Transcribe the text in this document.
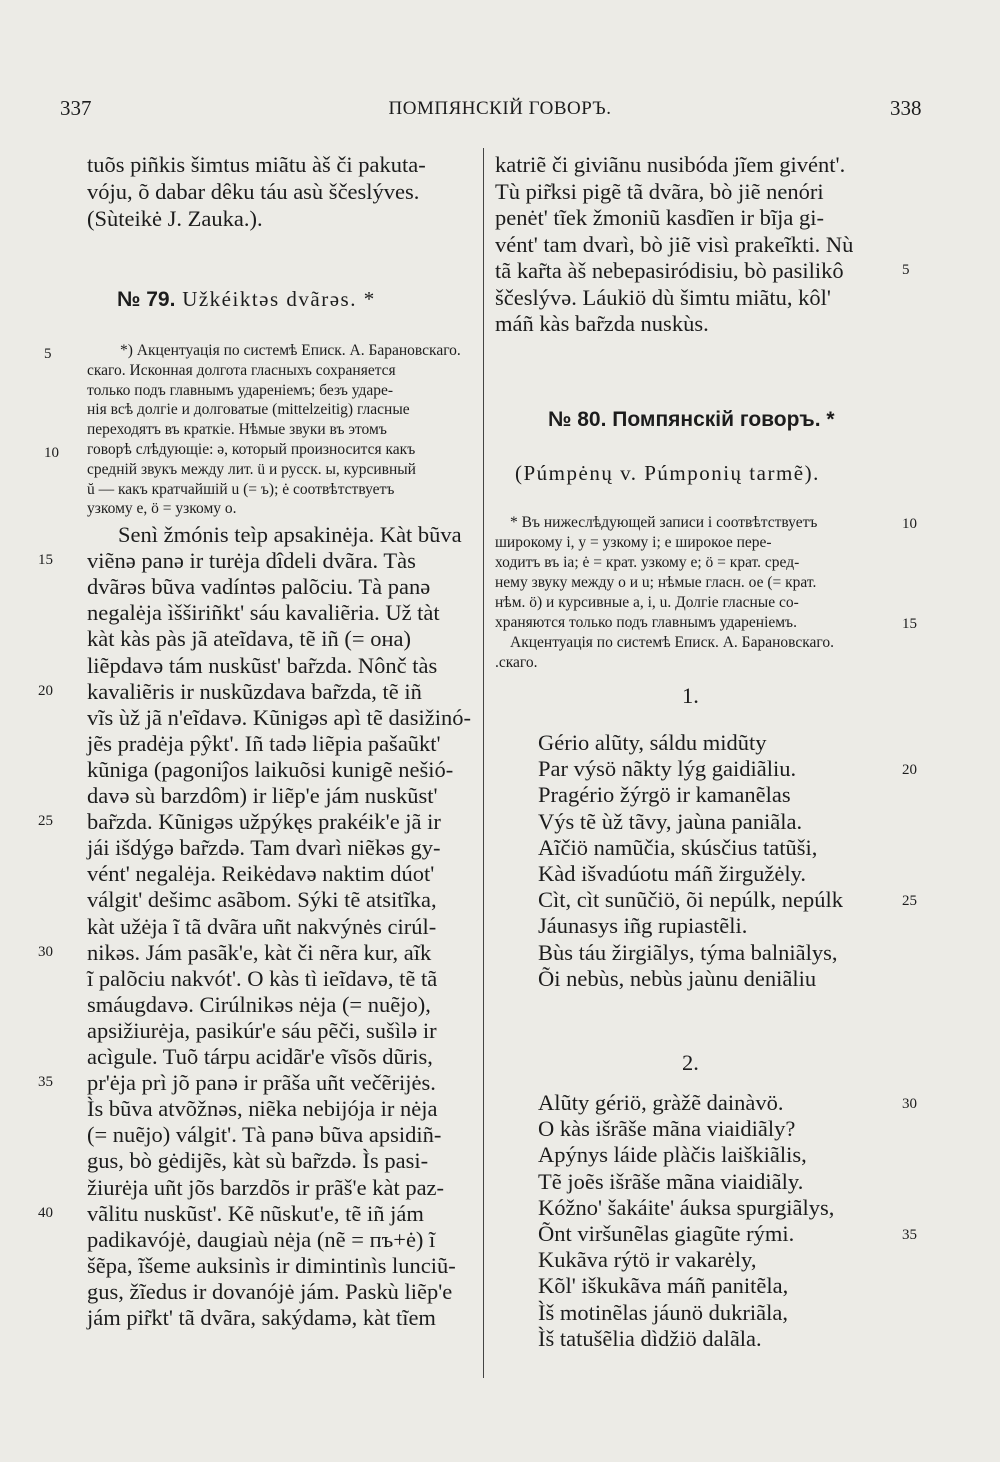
337	ПОМПЯНСКІЙ ГОВОРЪ.	338
tuõs piñkis šimtus miãtu àš či pakuta-
vóju, õ dabar dêku táu asù ščeslýves.
(Sùteikė J. Zauka.).
№ 79. Užkéiktəs dvãrəs. *
*) Акцентуація по системѣ Еписк. А. Барановскаго.
5
скаго. Исконная долгота гласныхъ сохраняется
только подъ главнымъ удареніемъ; безъ ударе-
нія всѣ долгіе и долговатые (mittelzeitig) гласные
переходятъ въ краткіе. Нѣмые звуки въ этомъ
говорѣ слѣдующіе: ə, который произносится какъ
10
средній звукъ между лит. ü и русск. ы, курсивный
ŭ — какъ кратчайшій u (= ъ); ė соотвѣтствуетъ
узкому е, ö = узкому о.
Senì žmónis teìp apsakinėja. Kàt bũva
viẽnə panə ir turėja dîdeli dvãra. Tàs
15
dvãrəs bũva vadíntəs palõciu. Tà panə
negalėja ìšširiñkt' sáu kavaliẽria. Už tàt
kàt kàs pàs jã ateĩdava, tẽ iñ (= она)
liẽpdavə tám nuskũst' bar̃zda. Nônč tàs
kavaliẽris ir nuskũzdava bar̃zda, tẽ iñ
20
vĩs ùž jã n'eĩdavə. Kũnigəs apì tẽ dasižinó-
jẽs pradėja pŷkt'. Iñ tadə liẽpia pašaũkt'
kũniga (pagoniĵos laikuõsi kunigẽ nešió-
davə sù barzdôm) ir liẽp'e jám nuskũst'
bar̃zda. Kũnigəs užpýkęs prakéik'e jã ir
25
jái išdýgə bar̃zdə. Tam dvarì niẽkəs gy-
vént' negalėja. Reikėdavə naktim dúot'
válgit' dešimc asãbom. Sýki tẽ atsitĩka,
kàt užėja ĩ tã dvãra uñt nakvýnės cirúl-
nikəs. Jám pasãk'e, kàt či nẽra kur, aĩk
30
ĩ palõciu nakvót'. O kàs tì ieĩdavə, tẽ tã
smáugdavə. Cirúlnikəs nėja (= nuẽjo),
apsižiurėja, pasikúr'e sáu pẽči, sušìlə ir
acìgule. Tuõ tárpu acidãr'e vĩsõs dũris,
pr'ėja prì jõ panə ir prãša uñt večẽrijės.
35
Ìs bũva atvõžnəs, niẽka nebijója ir nėja
(= nuẽjo) válgit'. Tà panə bũva apsidiñ-
gus, bò gėdijẽs, kàt sù bar̃zdə. Ìs pasi-
žiurėja uñt jõs barzdõs ir prãš'e kàt paz-
vãlitu nuskũst'. Kẽ nũskut'e, tẽ iñ jám
40
padikavójė, daugiaù nėja (nẽ = пъ+ė) ĩ
šẽpa, ĩšeme auksinìs ir dimintinìs lunciũ-
gus, žĩedus ir dovanójė jám. Paskù liẽp'e
jám pir̃kt' tã dvãra, sakýdamə, kàt tĩem
katriẽ či giviãnu nusibóda jĩem givént'.
Tù pir̃ksi pigẽ tã dvãra, bò jiẽ nenóri
penėt' tĩek žmoniũ kasdĩen ir bĩja gi-
vént' tam dvarì, bò jiẽ visì prakeĩkti. Nù
tã kar̃ta àš nebepasiródisiu, bò pasilikô	5
ščeslývə. Láukiö dù šimtu miãtu, kôl'
máñ kàs bar̃zda nuskùs.
№ 80. Помпянскій говоръ. *
(Púmpėnų v. Púmponių tarmẽ).
* Въ нижеслѣдующей записи і соотвѣтствуетъ	10
широкому і, у = узкому і; е широкое пере-
ходитъ въ ia; ė = крат. узкому е; ö = крат. сред-
нему звуку между о и u; нѣмые гласн. ое (= крат.
нѣм. ö) и курсивные a, i, u. Долгіе гласные со-
храняются только подъ главнымъ удареніемъ.	15
Акцентуація по системѣ Еписк. А. Барановскаго.
.скаго.
1.
Gério alũty, sáldu midũty
Par výsö nãkty lýg gaidiãliu.	20
Pragério žýrgö ir kamanẽlas
Výs tẽ ùž tãvy, jaùna paniãla.
Aĩčiö namũčia, skúsčius tatũši,
Kàd išvadúotu máñ žirgužėly.
Cìt, cìt sunũčiö, õi nepúlk, nepúlk	25
Jáunasys iñg rupiastẽli.
Bùs táu žirgiãlys, týma balniãlys,
Õi nebùs, nebùs jaùnu deniãliu
2.
Alũty gériö, gràžẽ dainàvö.	30
O kàs išrãše mãna viaidiãly?
Apýnys láide plàčis laiškiãlis,
Tẽ joẽs išrãše mãna viaidiãly.
Kóžno' šakáite' áuksa spurgiãlys,
Õnt viršunẽlas giagũte rými.	35
Kukãva rýtö ir vakarėly,
Kõl' iškukãva máñ panitẽla,
Ìš motinẽlas jáunö dukriãla,
Ìš tatušẽlia dìdžiö dalãla.
